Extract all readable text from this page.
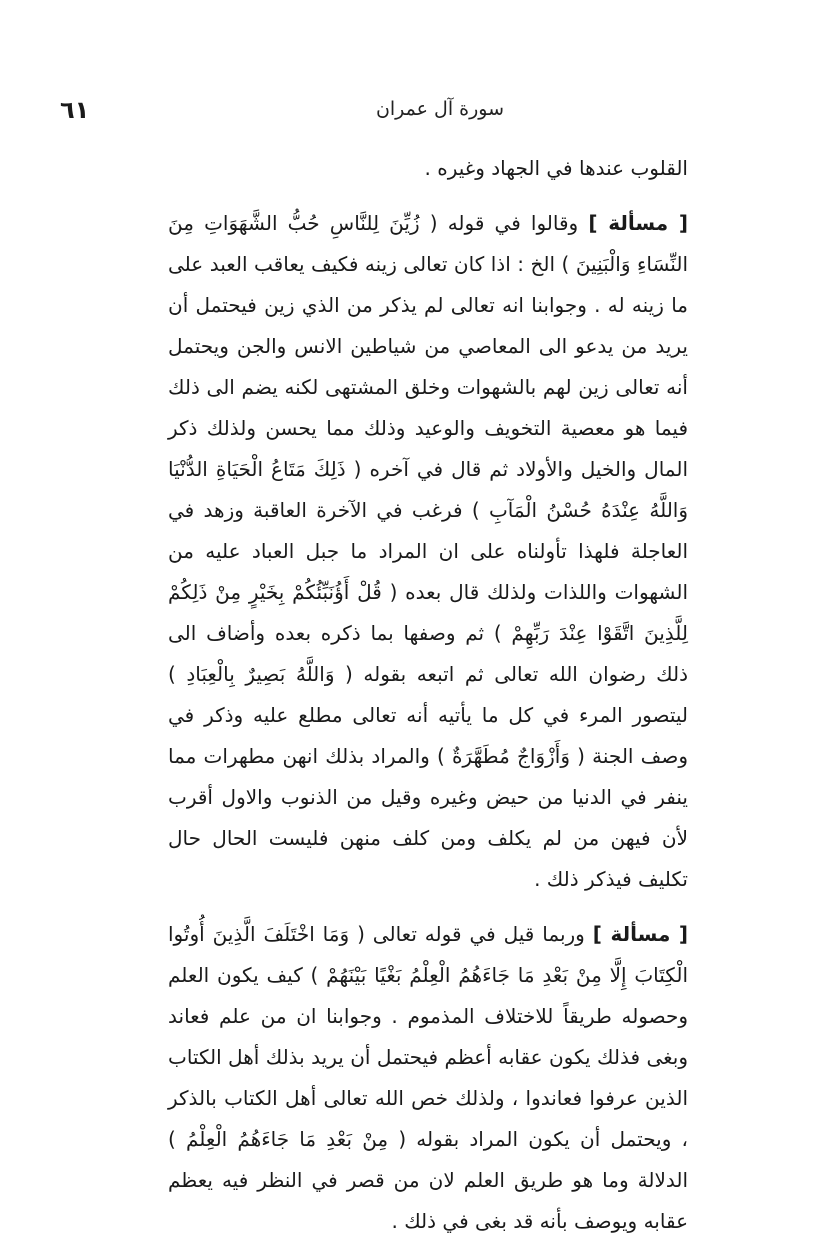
سورة آل عمران
٦١

القلوب عندها في الجهاد وغيره .

[ مسألة ] وقالوا في قوله ( زُيِّنَ لِلنَّاسِ حُبُّ الشَّهَوَاتِ مِنَ النِّسَاءِ وَالْبَنِينَ ) الخ : اذا كان تعالى زينه فكيف يعاقب العبد على ما زينه له . وجوابنا انه تعالى لم يذكر من الذي زين فيحتمل أن يريد من يدعو الى المعاصي من شياطين الانس والجن ويحتمل أنه تعالى زين لهم بالشهوات وخلق المشتهى لكنه يضم الى ذلك فيما هو معصية التخويف والوعيد وذلك مما يحسن ولذلك ذكر المال والخيل والأولاد ثم قال في آخره ( ذَلِكَ مَتَاعُ الْحَيَاةِ الدُّنْيَا وَاللَّهُ عِنْدَهُ حُسْنُ الْمَآبِ ) فرغب في الآخرة العاقبة وزهد في العاجلة فلهذا تأولناه على ان المراد ما جبل العباد عليه من الشهوات واللذات ولذلك قال بعده ( قُلْ أَؤُنَبِّئُكُمْ بِخَيْرٍ مِنْ ذَلِكُمْ لِلَّذِينَ اتَّقَوْا عِنْدَ رَبِّهِمْ ) ثم وصفها بما ذكره بعده وأضاف الى ذلك رضوان الله تعالى ثم اتبعه بقوله ( وَاللَّهُ بَصِيرٌ بِالْعِبَادِ ) ليتصور المرء في كل ما يأتيه أنه تعالى مطلع عليه وذكر في وصف الجنة ( وَأَزْوَاجٌ مُطَهَّرَةٌ ) والمراد بذلك انهن مطهرات مما ينفر في الدنيا من حيض وغيره وقيل من الذنوب والاول أقرب لأن فيهن من لم يكلف ومن كلف منهن فليست الحال حال تكليف فيذكر ذلك .

[ مسألة ] وربما قيل في قوله تعالى ( وَمَا اخْتَلَفَ الَّذِينَ أُوتُوا الْكِتَابَ إِلَّا مِنْ بَعْدِ مَا جَاءَهُمُ الْعِلْمُ بَغْيًا بَيْنَهُمْ ) كيف يكون العلم وحصوله طريقاً للاختلاف المذموم . وجوابنا ان من علم فعاند وبغى فذلك يكون عقابه أعظم فيحتمل أن يريد بذلك أهل الكتاب الذين عرفوا فعاندوا ، ولذلك خص الله تعالى أهل الكتاب بالذكر ، ويحتمل أن يكون المراد بقوله ( مِنْ بَعْدِ مَا جَاءَهُمُ الْعِلْمُ ) الدلالة وما هو طريق العلم لان من قصر في النظر فيه يعظم عقابه ويوصف بأنه قد بغى في ذلك .
